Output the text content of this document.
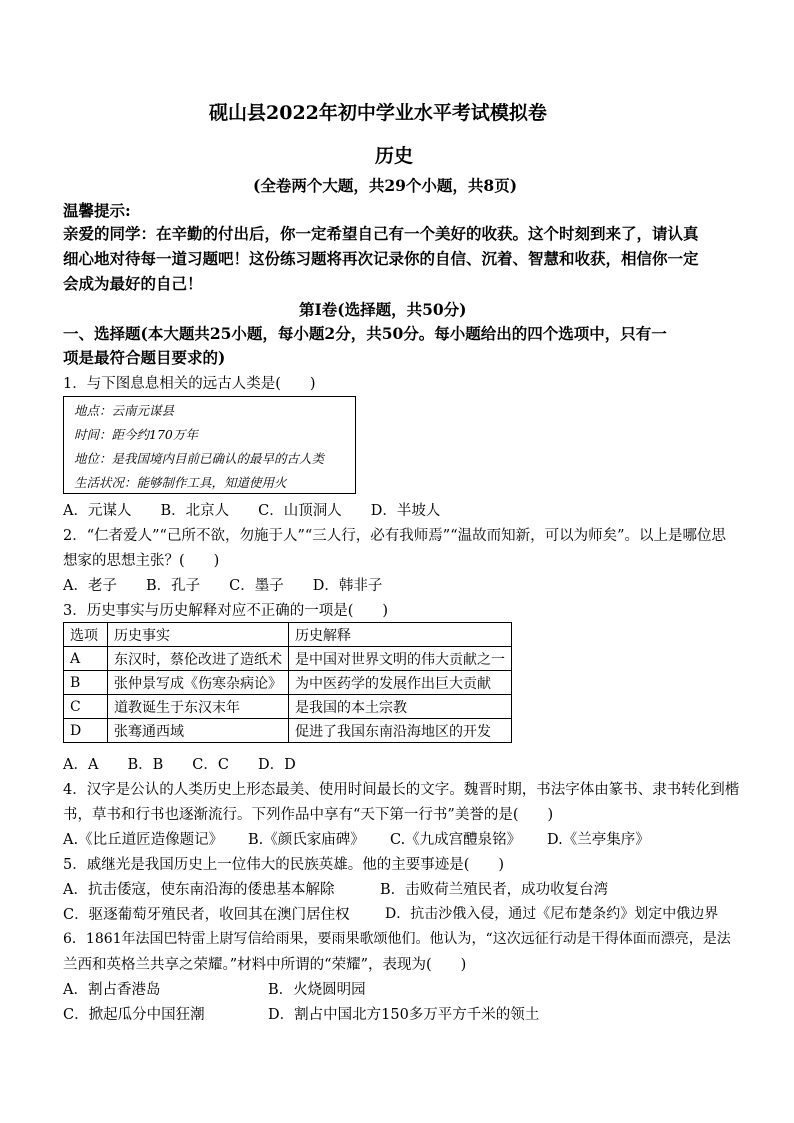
砚山县2022年初中学业水平考试模拟卷
历史
(全卷两个大题，共29个小题，共8页)
温馨提示:
亲爱的同学：在辛勤的付出后，你一定希望自己有一个美好的收获。这个时刻到来了，请认真
细心地对待每一道习题吧！这份练习题将再次记录你的自信、沉着、智慧和收获，相信你一定
会成为最好的自己！
第Ⅰ卷(选择题，共50分)
一、选择题(本大题共25小题，每小题2分，共50分。每小题给出的四个选项中，只有一
项是最符合题目要求的)
1．与下图息息相关的远古人类是(　　)
地点：云南元谋县
时间：距今约170万年
地位：是我国境内目前已确认的最早的古人类
生活状况：能够制作工具，知道使用火
A．元谋人　　B．北京人　　C．山顶洞人　　D．半坡人
2．“仁者爱人”“己所不欲，勿施于人”“三人行，必有我师焉”“温故而知新，可以为师矣”。以上是哪位思
想家的思想主张？(　　)
A．老子　　B．孔子　　C．墨子　　D．韩非子
3．历史事实与历史解释对应不正确的一项是(　　)
选项	历史事实	历史解释
A	东汉时，蔡伦改进了造纸术	是中国对世界文明的伟大贡献之一
B	张仲景写成《伤寒杂病论》	为中医药学的发展作出巨大贡献
C	道教诞生于东汉末年	是我国的本土宗教
D	张骞通西域	促进了我国东南沿海地区的开发
A．A　　B．B　　C．C　　D．D
4．汉字是公认的人类历史上形态最美、使用时间最长的文字。魏晋时期，书法字体由篆书、隶书转化到楷
书，草书和行书也逐渐流行。下列作品中享有“天下第一行书”美誉的是(　　)
A.《比丘道匠造像题记》 B.《颜氏家庙碑》 C.《九成宫醴泉铭》 D.《兰亭集序》
5．戚继光是我国历史上一位伟大的民族英雄。他的主要事迹是(　　)
A．抗击倭寇，使东南沿海的倭患基本解除	B．击败荷兰殖民者，成功收复台湾
C．驱逐葡萄牙殖民者，收回其在澳门居住权	D．抗击沙俄入侵，通过《尼布楚条约》划定中俄边界
6．1861年法国巴特雷上尉写信给雨果，要雨果歌颂他们。他认为，“这次远征行动是干得体面而漂亮，是法
兰西和英格兰共享之荣耀。”材料中所谓的“荣耀”，表现为(　　)
A．割占香港岛	B．火烧圆明园
C．掀起瓜分中国狂潮	D．割占中国北方150多万平方千米的领土
